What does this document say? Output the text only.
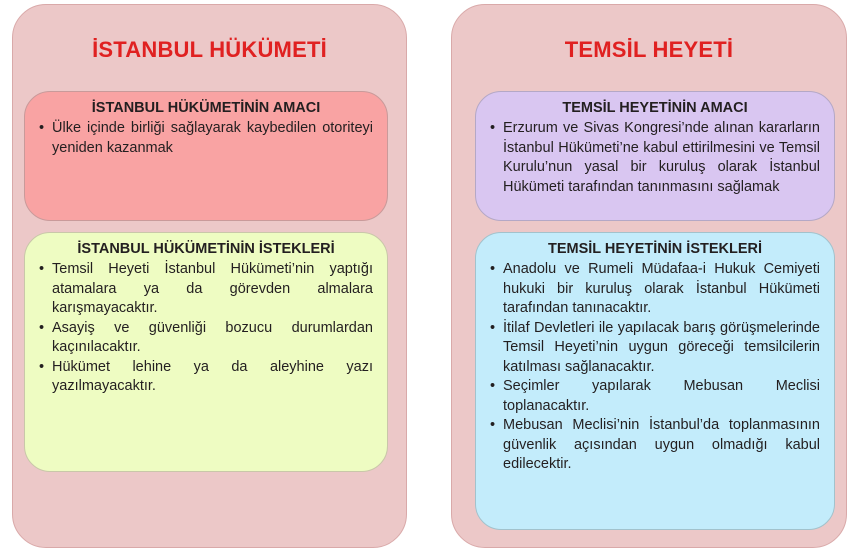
İSTANBUL HÜKÜMETİ
İSTANBUL HÜKÜMETİNİN AMACI
• Ülke içinde birliği sağlayarak kaybedilen otoriteyi yeniden kazanmak
İSTANBUL HÜKÜMETİNİN İSTEKLERİ
• Temsil Heyeti İstanbul Hükümeti’nin yaptığı atamalara ya da görevden almalara karışmayacaktır.
• Asayiş ve güvenliği bozucu durumlardan kaçınılacaktır.
• Hükümet lehine ya da aleyhine yazı yazılmayacaktır.
TEMSİL HEYETİ
TEMSİL HEYETİNİN AMACI
• Erzurum ve Sivas Kongresi’nde alınan kararların İstanbul Hükümeti’ne kabul ettirilmesini ve Temsil Kurulu’nun yasal bir kuruluş olarak İstanbul Hükümeti tarafından tanınmasını sağlamak
TEMSİL HEYETİNİN İSTEKLERİ
• Anadolu ve Rumeli Müdafaa-i Hukuk Cemiyeti hukuki bir kuruluş olarak İstanbul Hükümeti tarafından tanınacaktır.
• İtilaf Devletleri ile yapılacak barış görüşmelerinde Temsil Heyeti’nin uygun göreceği temsilcilerin katılması sağlanacaktır.
• Seçimler yapılarak Mebusan Meclisi toplanacaktır.
• Mebusan Meclisi’nin İstanbul’da toplanmasının güvenlik açısından uygun olmadığı kabul edilecektir.
